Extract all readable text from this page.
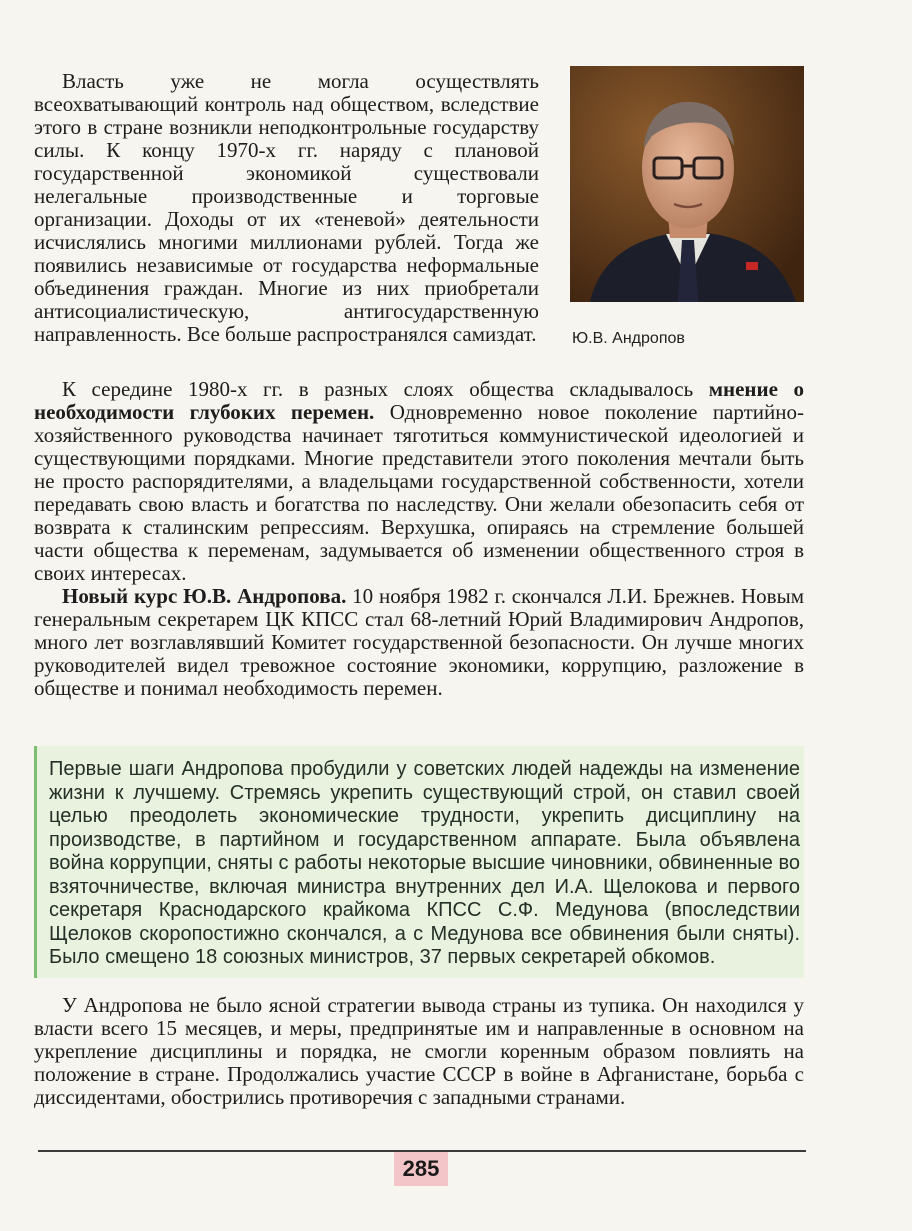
Власть уже не могла осуществлять всеохватывающий контроль над обществом, вследствие этого в стране возникли неподконтрольные государству силы. К концу 1970-х гг. наряду с плановой государственной экономикой существовали нелегальные производственные и торговые организации. Доходы от их «теневой» деятельности исчислялись многими миллионами рублей. Тогда же появились независимые от государства неформальные объединения граждан. Многие из них приобретали антисоциалистическую, антигосударственную направленность. Все больше распространялся самиздат. Ю.В. Андропов

К середине 1980-х гг. в разных слоях общества складывалось мнение о необходимости глубоких перемен. Одновременно новое поколение партийно-хозяйственного руководства начинает тяготиться коммунистической идеологией и существующими порядками. Многие представители этого поколения мечтали быть не просто распорядителями, а владельцами государственной собственности, хотели передавать свою власть и богатства по наследству. Они желали обезопасить себя от возврата к сталинским репрессиям. Верхушка, опираясь на стремление большей части общества к переменам, задумывается об изменении общественного строя в своих интересах.

Новый курс Ю.В. Андропова. 10 ноября 1982 г. скончался Л.И. Брежнев. Новым генеральным секретарем ЦК КПСС стал 68-летний Юрий Владимирович Андропов, много лет возглавлявший Комитет государственной безопасности. Он лучше многих руководителей видел тревожное состояние экономики, коррупцию, разложение в обществе и понимал необходимость перемен.

Первые шаги Андропова пробудили у советских людей надежды на изменение жизни к лучшему. Стремясь укрепить существующий строй, он ставил своей целью преодолеть экономические трудности, укрепить дисциплину на производстве, в партийном и государственном аппарате. Была объявлена война коррупции, сняты с работы некоторые высшие чиновники, обвиненные во взяточничестве, включая министра внутренних дел И.А. Щелокова и первого секретаря Краснодарского крайкома КПСС С.Ф. Медунова (впоследствии Щелоков скоропостижно скончался, а с Медунова все обвинения были сняты). Было смещено 18 союзных министров, 37 первых секретарей обкомов.

У Андропова не было ясной стратегии вывода страны из тупика. Он находился у власти всего 15 месяцев, и меры, предпринятые им и направленные в основном на укрепление дисциплины и порядка, не смогли коренным образом повлиять на положение в стране. Продолжались участие СССР в войне в Афганистане, борьба с диссидентами, обострились противоречия с западными странами.

285
